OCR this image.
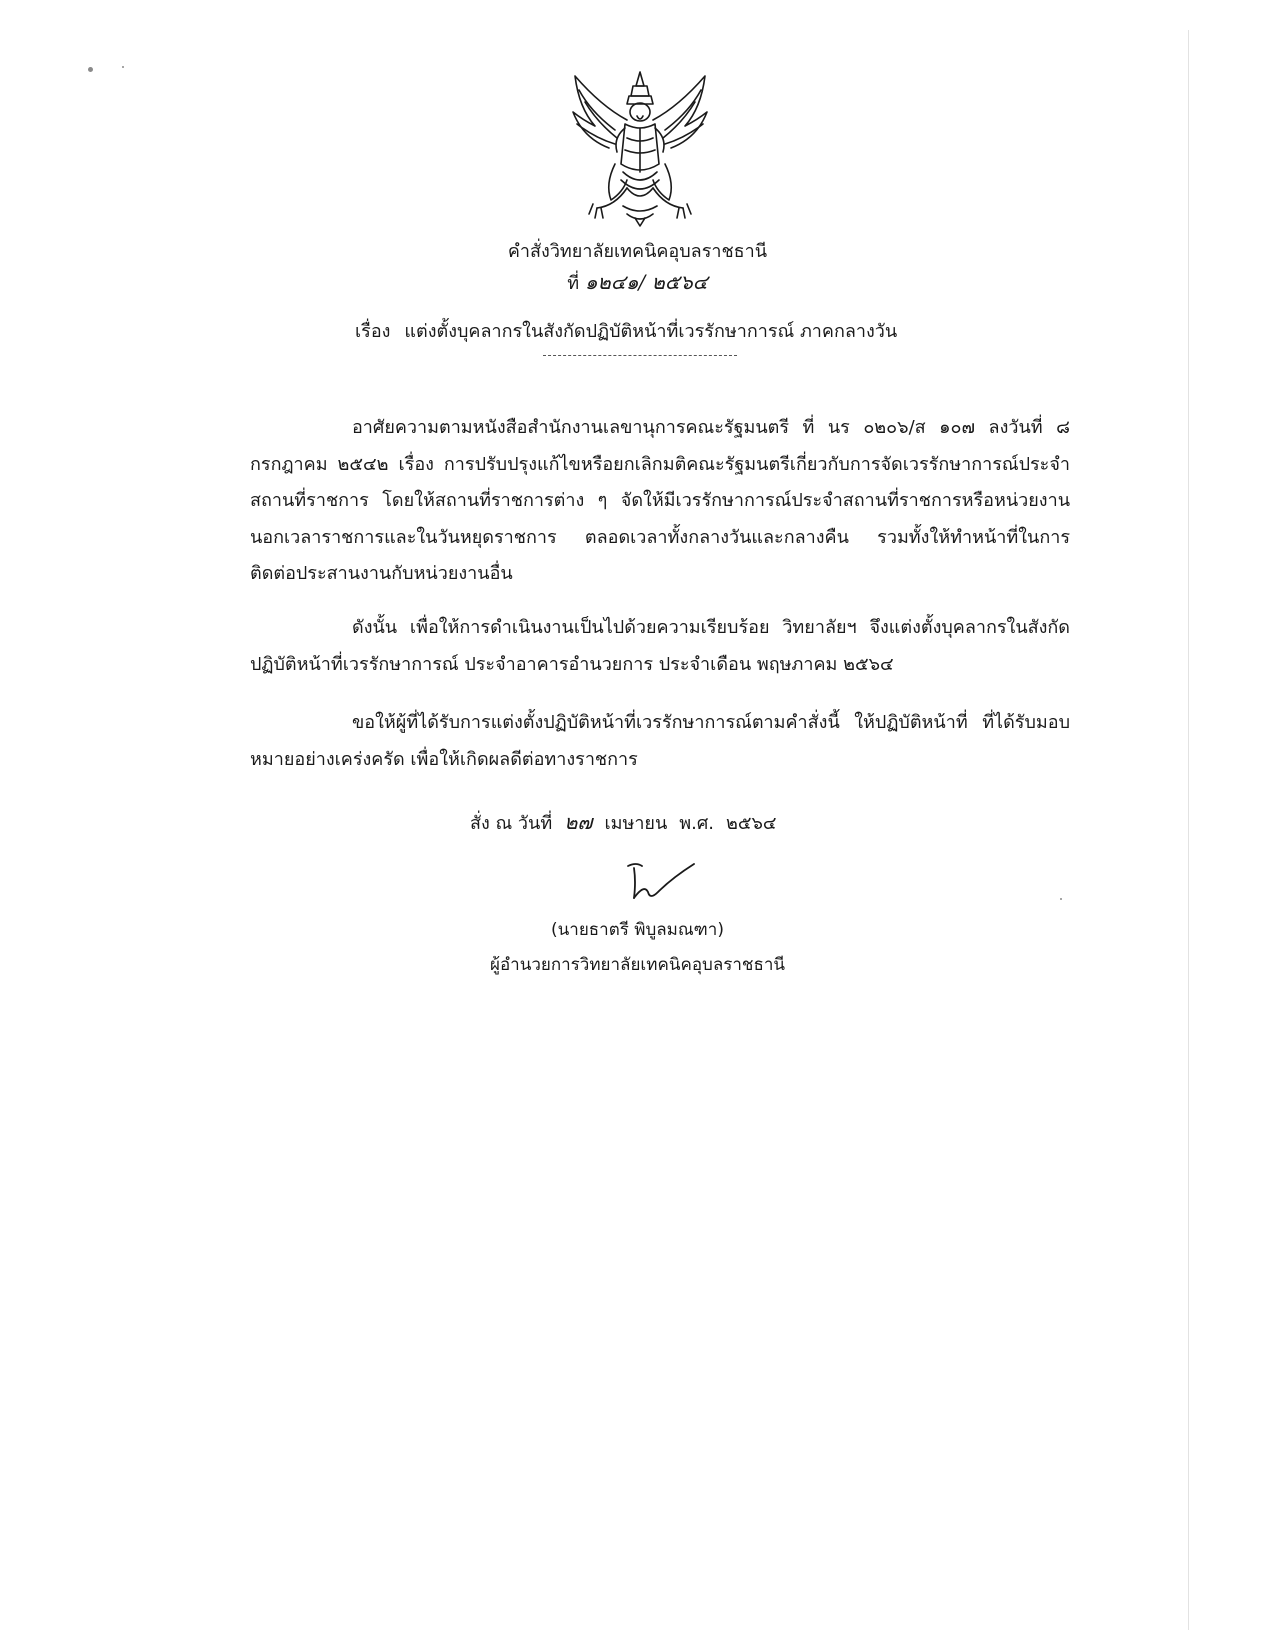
คำสั่งวิทยาลัยเทคนิคอุบลราชธานี
ที่ ๑๒๔๑/ ๒๕๖๔
เรื่อง แต่งตั้งบุคลากรในสังกัดปฏิบัติหน้าที่เวรรักษาการณ์ ภาคกลางวัน
อาศัยความตามหนังสือสำนักงานเลขานุการคณะรัฐมนตรี ที่ นร ๐๒๐๖/ส ๑๐๗ ลงวันที่ ๘ กรกฎาคม ๒๕๔๒ เรื่อง การปรับปรุงแก้ไขหรือยกเลิกมติคณะรัฐมนตรีเกี่ยวกับการจัดเวรรักษาการณ์ประจำสถานที่ราชการ โดยให้สถานที่ราชการต่าง ๆ จัดให้มีเวรรักษาการณ์ประจำสถานที่ราชการหรือหน่วยงานนอกเวลาราชการและในวันหยุดราชการ ตลอดเวลาทั้งกลางวันและกลางคืน รวมทั้งให้ทำหน้าที่ในการติดต่อประสานงานกับหน่วยงานอื่น
ดังนั้น เพื่อให้การดำเนินงานเป็นไปด้วยความเรียบร้อย วิทยาลัยฯ จึงแต่งตั้งบุคลากรในสังกัดปฏิบัติหน้าที่เวรรักษาการณ์ ประจำอาคารอำนวยการ ประจำเดือน พฤษภาคม ๒๕๖๔
ขอให้ผู้ที่ได้รับการแต่งตั้งปฏิบัติหน้าที่เวรรักษาการณ์ตามคำสั่งนี้ ให้ปฏิบัติหน้าที่ ที่ได้รับมอบหมายอย่างเคร่งครัด เพื่อให้เกิดผลดีต่อทางราชการ
สั่ง ณ วันที่ ๒๗ เมษายน พ.ศ. ๒๕๖๔
(นายธาตรี พิบูลมณฑา)
ผู้อำนวยการวิทยาลัยเทคนิคอุบลราชธานี
